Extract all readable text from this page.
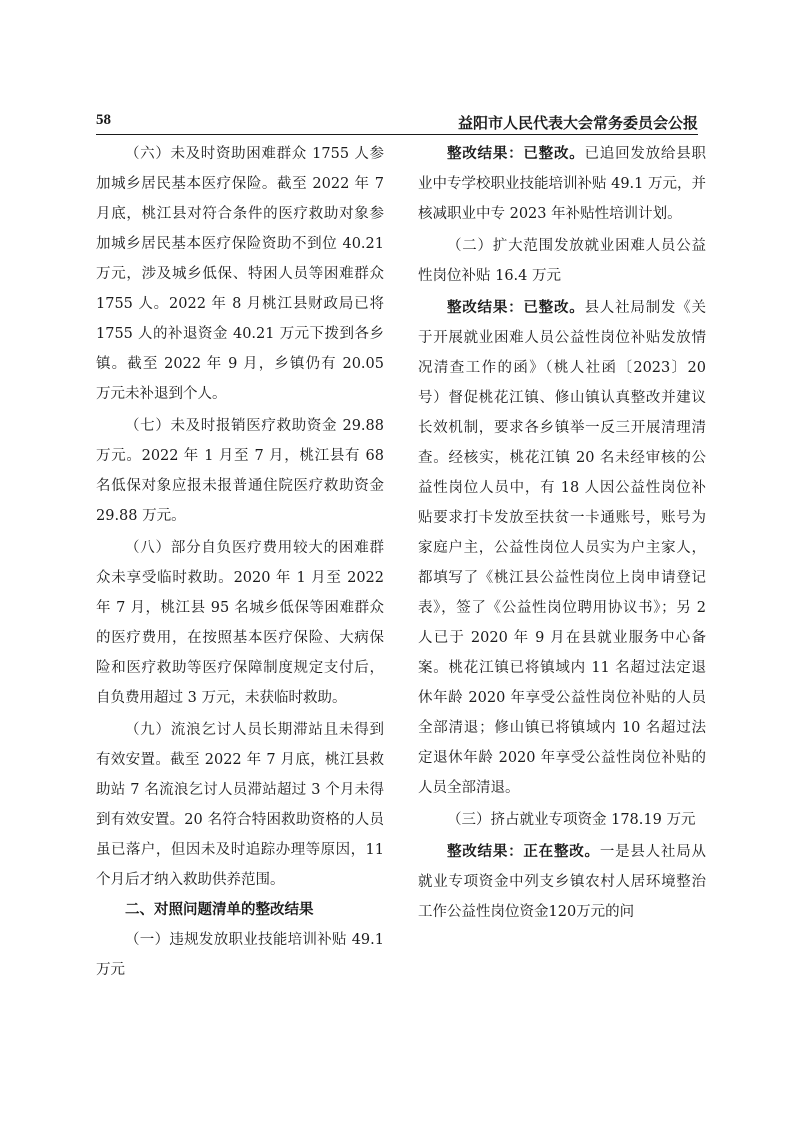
58	益阳市人民代表大会常务委员会公报

（六）未及时资助困难群众 1755 人参加城乡居民基本医疗保险。截至 2022 年 7 月底，桃江县对符合条件的医疗救助对象参加城乡居民基本医疗保险资助不到位 40.21 万元，涉及城乡低保、特困人员等困难群众 1755 人。2022 年 8 月桃江县财政局已将 1755 人的补退资金 40.21 万元下拨到各乡镇。截至 2022 年 9 月，乡镇仍有 20.05 万元未补退到个人。

（七）未及时报销医疗救助资金 29.88 万元。2022 年 1 月至 7 月，桃江县有 68 名低保对象应报未报普通住院医疗救助资金 29.88 万元。

（八）部分自负医疗费用较大的困难群众未享受临时救助。2020 年 1 月至 2022 年 7 月，桃江县 95 名城乡低保等困难群众的医疗费用，在按照基本医疗保险、大病保险和医疗救助等医疗保障制度规定支付后，自负费用超过 3 万元，未获临时救助。

（九）流浪乞讨人员长期滞站且未得到有效安置。截至 2022 年 7 月底，桃江县救助站 7 名流浪乞讨人员滞站超过 3 个月未得到有效安置。20 名符合特困救助资格的人员虽已落户，但因未及时追踪办理等原因，11 个月后才纳入救助供养范围。

二、对照问题清单的整改结果

（一）违规发放职业技能培训补贴 49.1 万元

整改结果：已整改。已追回发放给县职业中专学校职业技能培训补贴 49.1 万元，并核减职业中专 2023 年补贴性培训计划。

（二）扩大范围发放就业困难人员公益性岗位补贴 16.4 万元

整改结果：已整改。县人社局制发《关于开展就业困难人员公益性岗位补贴发放情况清查工作的函》（桃人社函〔2023〕20 号）督促桃花江镇、修山镇认真整改并建议长效机制，要求各乡镇举一反三开展清理清查。经核实，桃花江镇 20 名未经审核的公益性岗位人员中，有 18 人因公益性岗位补贴要求打卡发放至扶贫一卡通账号，账号为家庭户主，公益性岗位人员实为户主家人，都填写了《桃江县公益性岗位上岗申请登记表》，签了《公益性岗位聘用协议书》；另 2 人已于 2020 年 9 月在县就业服务中心备案。桃花江镇已将镇域内 11 名超过法定退休年龄 2020 年享受公益性岗位补贴的人员全部清退；修山镇已将镇域内 10 名超过法定退休年龄 2020 年享受公益性岗位补贴的人员全部清退。

（三）挤占就业专项资金 178.19 万元

整改结果：正在整改。一是县人社局从就业专项资金中列支乡镇农村人居环境整治工作公益性岗位资金120万元的问
